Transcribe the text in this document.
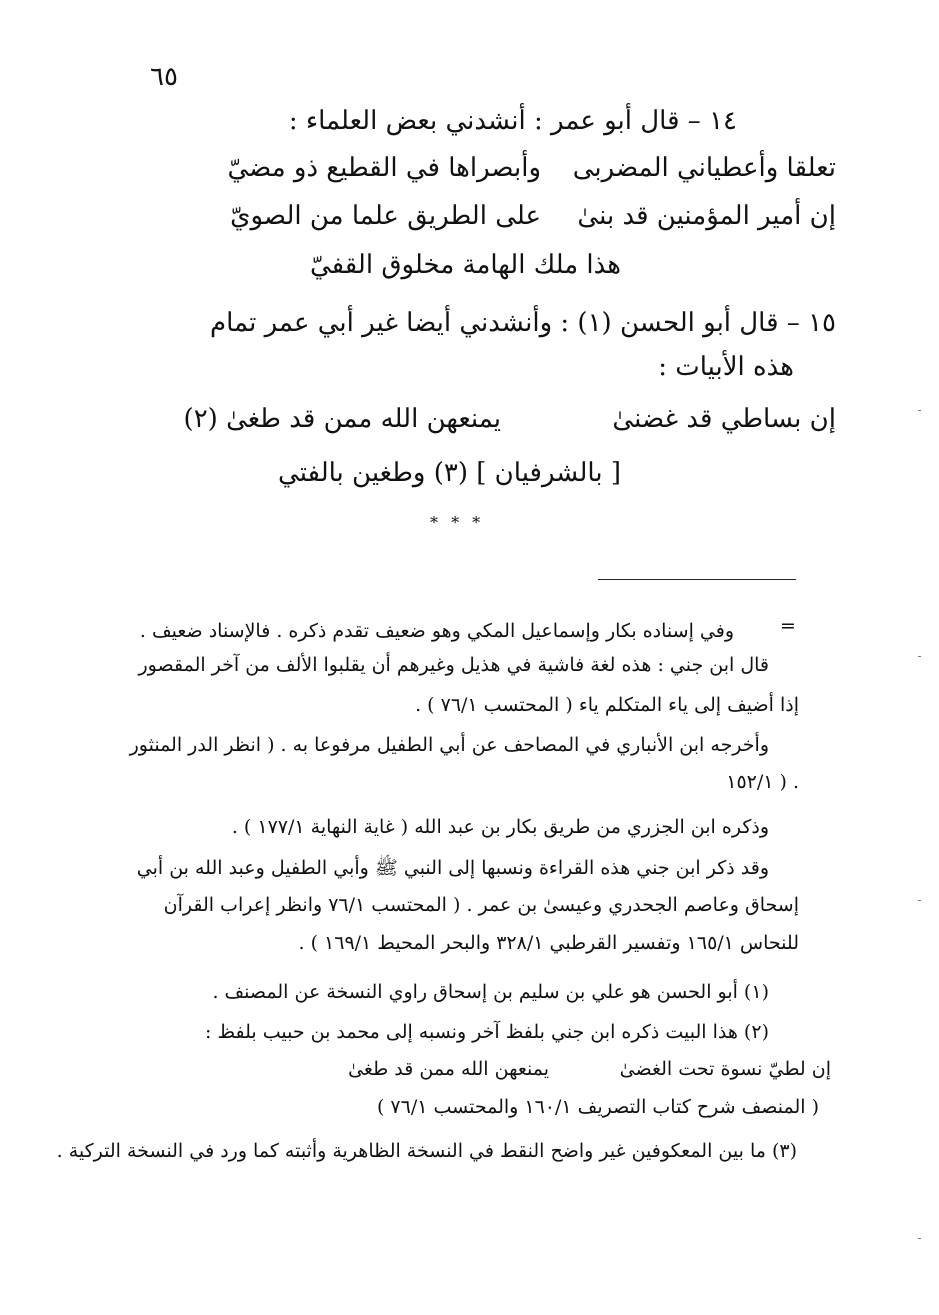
٦٥
١٤ – قال أبو عمر : أنشدني بعض العلماء :
تعلقا وأعطياني المضربى
وأبصراها في القطيع ذو مضيّ
إن أمير المؤمنين قد بنىٰ
على الطريق علما من الصويّ
هذا ملك الهامة مخلوق القفيّ
١٥ – قال أبو الحسن (١) : وأنشدني أيضا غير أبي عمر تمام
هذه الأبيات :
إن بساطي قد غضنىٰ
يمنعهن الله ممن قد طغىٰ (٢)
[ بالشرفيان ] (٣) وطغين بالفتي
* * *
=
وفي إسناده بكار وإسماعيل المكي وهو ضعيف تقدم ذكره . فالإسناد ضعيف .
قال ابن جني : هذه لغة فاشية في هذيل وغيرهم أن يقلبوا الألف من آخر المقصور
إذا أضيف إلى ياء المتكلم ياء ( المحتسب ٧٦/١ ) .
وأخرجه ابن الأنباري في المصاحف عن أبي الطفيل مرفوعا به . ( انظر الدر المنثور
١٥٢/١ ) .
وذكره ابن الجزري من طريق بكار بن عبد الله ( غاية النهاية ١٧٧/١ ) .
وقد ذكر ابن جني هذه القراءة ونسبها إلى النبي ﷺ وأبي الطفيل وعبد الله بن أبي
إسحاق وعاصم الجحدري وعيسىٰ بن عمر . ( المحتسب ٧٦/١ وانظر إعراب القرآن
للنحاس ١٦٥/١ وتفسير القرطبي ٣٢٨/١ والبحر المحيط ١٦٩/١ ) .
(١) أبو الحسن هو علي بن سليم بن إسحاق راوي النسخة عن المصنف .
(٢) هذا البيت ذكره ابن جني بلفظ آخر ونسبه إلى محمد بن حبيب بلفظ :
إن لطيّ نسوة تحت الغضىٰ
يمنعهن الله ممن قد طغىٰ
( المنصف شرح كتاب التصريف ١٦٠/١ والمحتسب ٧٦/١ )
(٣) ما بين المعكوفين غير واضح النقط في النسخة الظاهرية وأثبته كما ورد في النسخة التركية .
